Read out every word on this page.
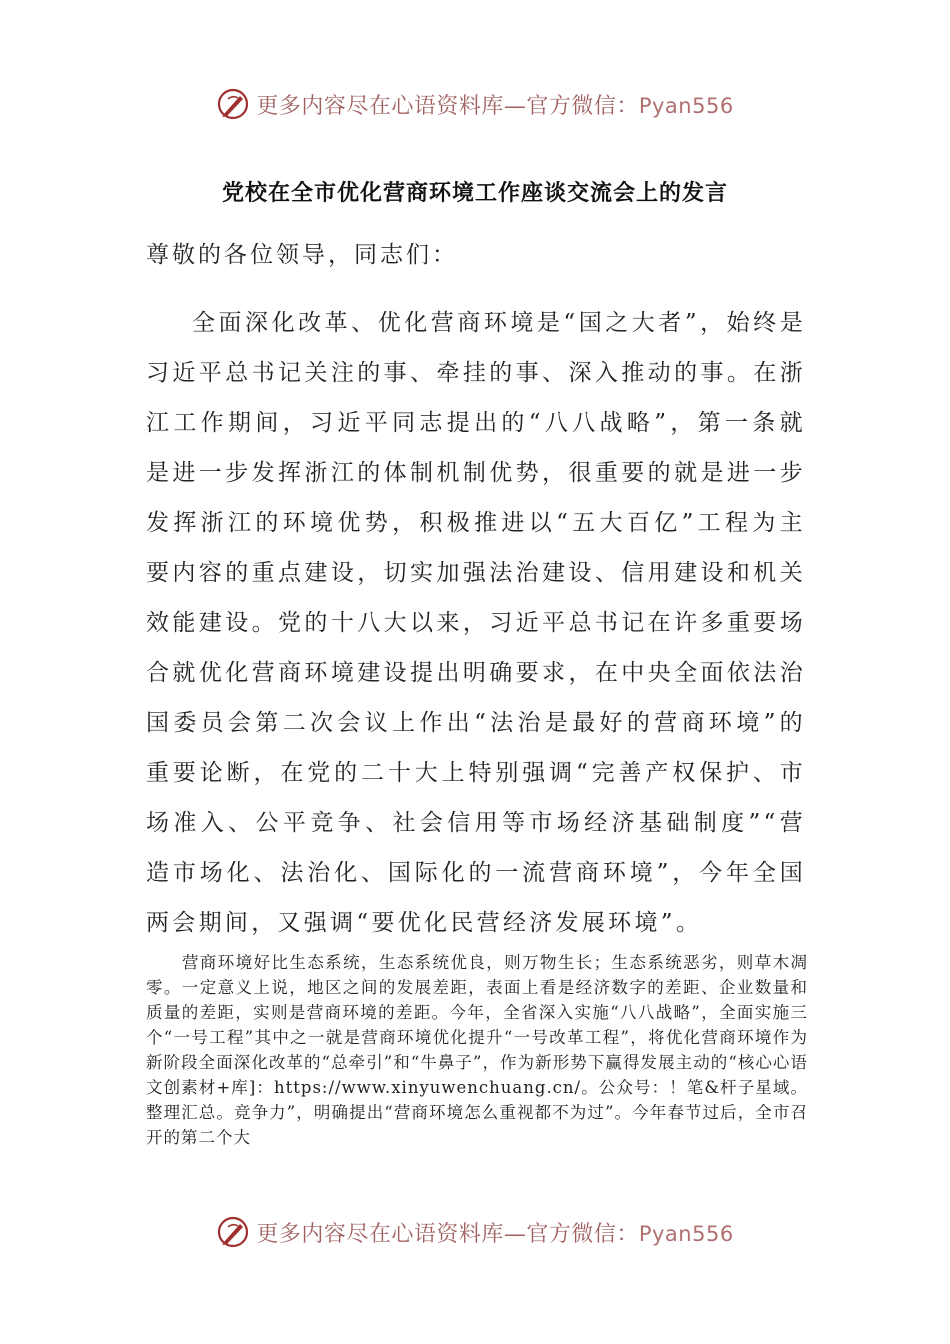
更多内容尽在心语资料库—官方微信：Pyan556
党校在全市优化营商环境工作座谈交流会上的发言
尊敬的各位领导，同志们：

全面深化改革、优化营商环境是“国之大者”，始终是习近平总书记关注的事、牵挂的事、深入推动的事。在浙江工作期间，习近平同志提出的“八八战略”，第一条就是进一步发挥浙江的体制机制优势，很重要的就是进一步发挥浙江的环境优势，积极推进以“五大百亿”工程为主要内容的重点建设，切实加强法治建设、信用建设和机关效能建设。党的十八大以来，习近平总书记在许多重要场合就优化营商环境建设提出明确要求，在中央全面依法治国委员会第二次会议上作出“法治是最好的营商环境”的重要论断，在党的二十大上特别强调“完善产权保护、市场准入、公平竞争、社会信用等市场经济基础制度”“营造市场化、法治化、国际化的一流营商环境”，今年全国两会期间，又强调“要优化民营经济发展环境”。

营商环境好比生态系统，生态系统优良，则万物生长；生态系统恶劣，则草木凋零。一定意义上说，地区之间的发展差距，表面上看是经济数字的差距、企业数量和质量的差距，实则是营商环境的差距。今年，全省深入实施“八八战略”，全面实施三个“一号工程”其中之一就是营商环境优化提升“一号改革工程”，将优化营商环境作为新阶段全面深化改革的“总牵引”和“牛鼻子”，作为新形势下赢得发展主动的“核心心语文创素材+库]：https://www.xinyuwenchuang.cn/。公众号：！笔&杆子星域。整理汇总。竞争力”，明确提出“营商环境怎么重视都不为过”。今年春节过后，全市召开的第二个大

更多内容尽在心语资料库—官方微信：Pyan556
